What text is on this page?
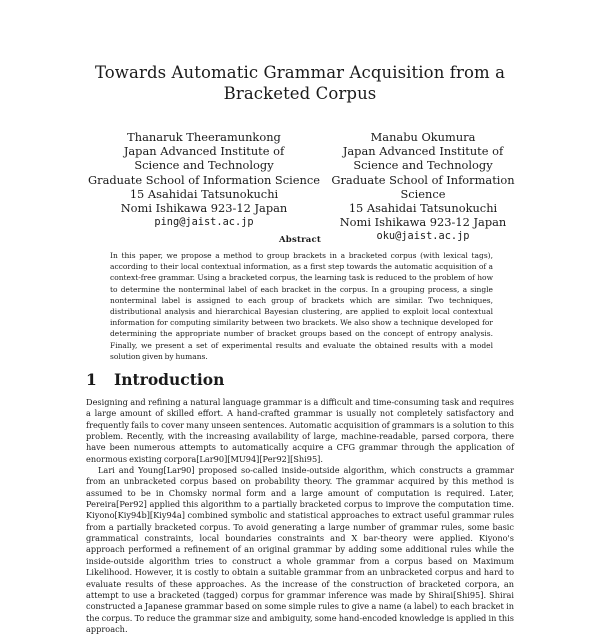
Towards Automatic Grammar Acquisition from a Bracketed Corpus
Thanaruk Theeramunkong
Japan Advanced Institute of
Science and Technology
Graduate School of Information Science
15 Asahidai Tatsunokuchi
Nomi Ishikawa 923-12 Japan
ping@jaist.ac.jp
Manabu Okumura
Japan Advanced Institute of
Science and Technology
Graduate School of Information Science
15 Asahidai Tatsunokuchi
Nomi Ishikawa 923-12 Japan
oku@jaist.ac.jp
Abstract
In this paper, we propose a method to group brackets in a bracketed corpus (with lexical tags), according to their local contextual information, as a first step towards the automatic acquisition of a context-free grammar. Using a bracketed corpus, the learning task is reduced to the problem of how to determine the nonterminal label of each bracket in the corpus. In a grouping process, a single nonterminal label is assigned to each group of brackets which are similar. Two techniques, distributional analysis and hierarchical Bayesian clustering, are applied to exploit local contextual information for computing similarity between two brackets. We also show a technique developed for determining the appropriate number of bracket groups based on the concept of entropy analysis. Finally, we present a set of experimental results and evaluate the obtained results with a model solution given by humans.
1 Introduction

Designing and refining a natural language grammar is a difficult and time-consuming task and requires a large amount of skilled effort. A hand-crafted grammar is usually not completely satisfactory and frequently fails to cover many unseen sentences. Automatic acquisition of grammars is a solution to this problem. Recently, with the increasing availability of large, machine-readable, parsed corpora, there have been numerous attempts to automatically acquire a CFG grammar through the application of enormous existing corpora[Lar90][MU94][Per92][Shi95].

Lari and Young[Lar90] proposed so-called inside-outside algorithm, which constructs a grammar from an unbracketed corpus based on probability theory. The grammar acquired by this method is assumed to be in Chomsky normal form and a large amount of computation is required. Later, Pereira[Per92] applied this algorithm to a partially bracketed corpus to improve the computation time. Kiyono[Kiy94b][Kiy94a] combined symbolic and statistical approaches to extract useful grammar rules from a partially bracketed corpus. To avoid generating a large number of grammar rules, some basic grammatical constraints, local boundaries constraints and X bar-theory were applied. Kiyono's approach performed a refinement of an original grammar by adding some additional rules while the inside-outside algorithm tries to construct a whole grammar from a corpus based on Maximum Likelihood. However, it is costly to obtain a suitable grammar from an unbracketed corpus and hard to evaluate results of these approaches. As the increase of the construction of bracketed corpora, an attempt to use a bracketed (tagged) corpus for grammar inference was made by Shirai[Shi95]. Shirai constructed a Japanese grammar based on some simple rules to give a name (a label) to each bracket in the corpus. To reduce the grammar size and ambiguity, some hand-encoded knowledge is applied in this approach.
